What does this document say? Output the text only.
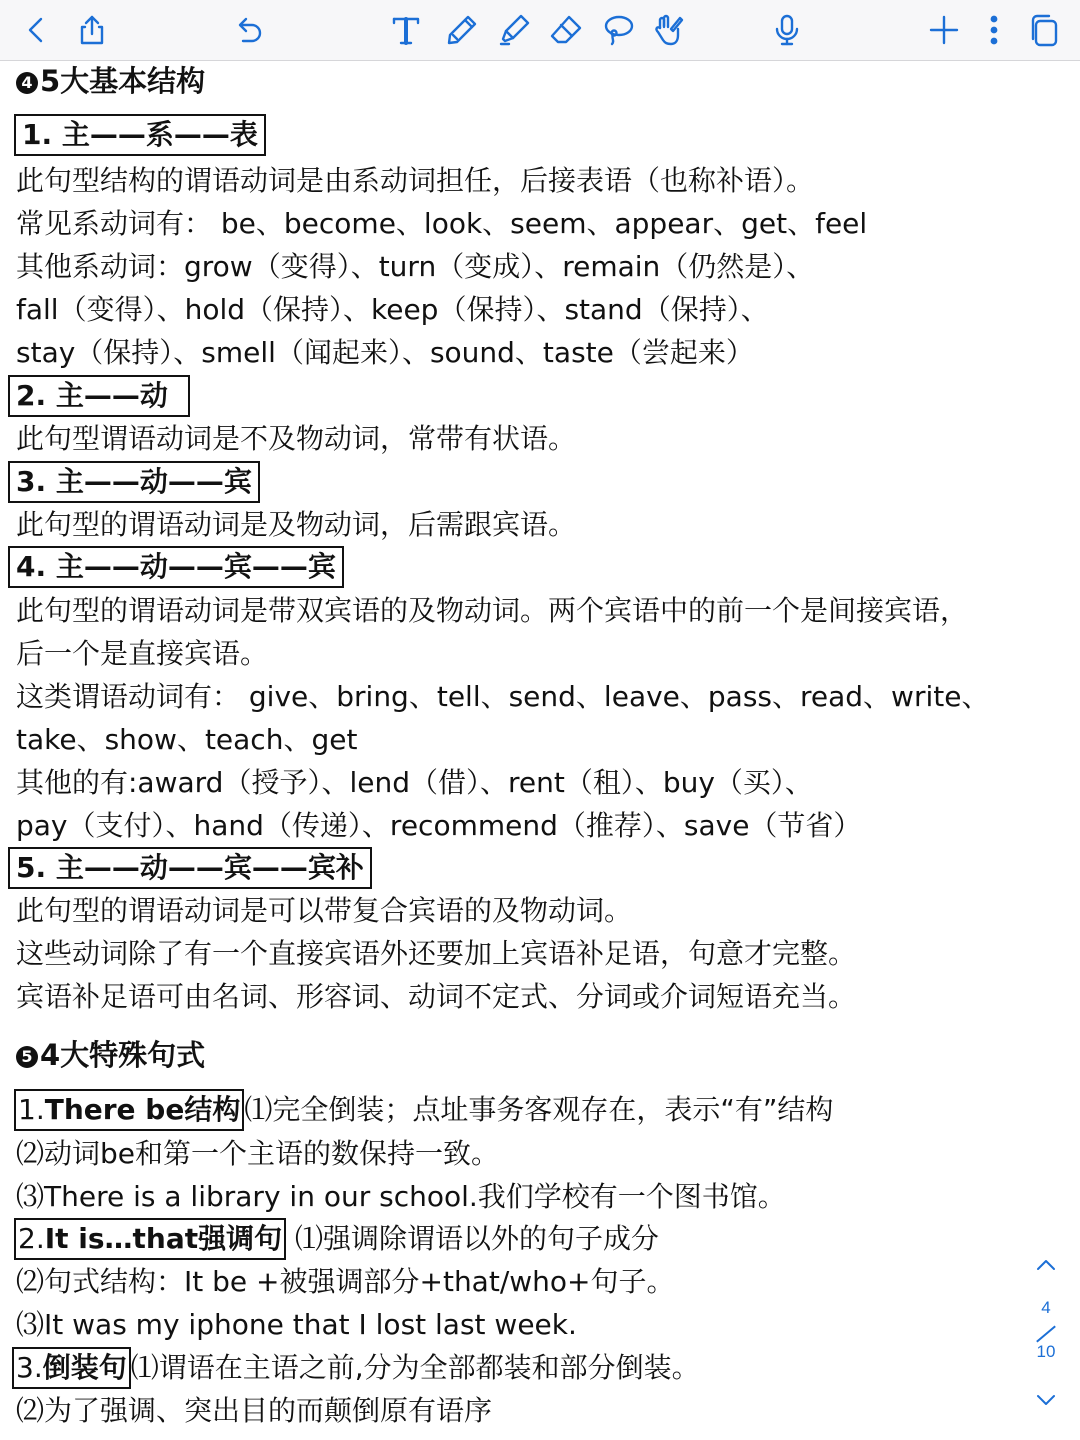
4 5大基本结构
1. 主——系——表
此句型结构的谓语动词是由系动词担任，后接表语（也称补语）。
常见系动词有： be、become、look、seem、appear、get、feel
其他系动词：grow（变得）、turn（变成）、remain（仍然是）、
fall（变得）、hold（保持）、keep（保持）、stand（保持）、
stay（保持）、smell（闻起来）、sound、taste（尝起来）
2. 主——动
此句型谓语动词是不及物动词，常带有状语。
3. 主——动——宾
此句型的谓语动词是及物动词，后需跟宾语。
4. 主——动——宾——宾
此句型的谓语动词是带双宾语的及物动词。两个宾语中的前一个是间接宾语，
后一个是直接宾语。
这类谓语动词有： give、bring、tell、send、leave、pass、read、write、
take、show、teach、get
其他的有:award（授予）、lend（借）、rent（租）、buy（买）、
pay（支付）、hand（传递）、recommend（推荐）、save（节省）
5. 主——动——宾——宾补
此句型的谓语动词是可以带复合宾语的及物动词。
这些动词除了有一个直接宾语外还要加上宾语补足语，句意才完整。
宾语补足语可由名词、形容词、动词不定式、分词或介词短语充当。
5 4大特殊句式
1.There be结构 ⑴完全倒装；点址事务客观存在，表示“有”结构
⑵动词be和第一个主语的数保持一致。
⑶There is a library in our school.我们学校有一个图书馆。
2.It is…that强调句 ⑴强调除谓语以外的句子成分
⑵句式结构：It be +被强调部分+that/who+句子。
⑶It was my iphone that I lost last week.
3.倒装句 ⑴谓语在主语之前,分为全部都装和部分倒装。
⑵为了强调、突出目的而颠倒原有语序
4
10
